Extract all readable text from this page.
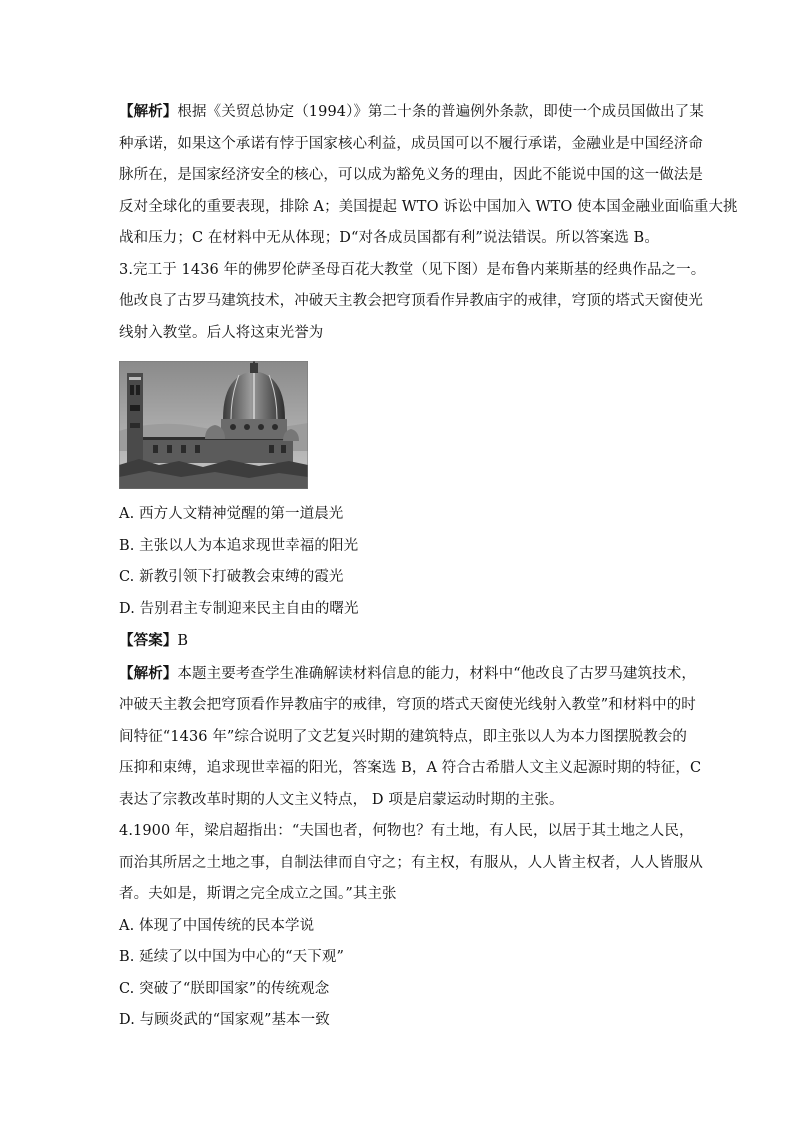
【解析】根据《关贸总协定（1994）》第二十条的普遍例外条款，即使一个成员国做出了某
种承诺，如果这个承诺有悖于国家核心利益，成员国可以不履行承诺，金融业是中国经济命
脉所在，是国家经济安全的核心，可以成为豁免义务的理由，因此不能说中国的这一做法是
反对全球化的重要表现，排除 A；美国提起 WTO 诉讼中国加入 WTO 使本国金融业面临重大挑
战和压力；C 在材料中无从体现；D“对各成员国都有利”说法错误。所以答案选 B。
3.完工于 1436 年的佛罗伦萨圣母百花大教堂（见下图）是布鲁内莱斯基的经典作品之一。
他改良了古罗马建筑技术，冲破天主教会把穹顶看作异教庙宇的戒律，穹顶的塔式天窗使光
线射入教堂。后人将这束光誉为
A. 西方人文精神觉醒的第一道晨光
B. 主张以人为本追求现世幸福的阳光
C. 新教引领下打破教会束缚的霞光
D. 告别君主专制迎来民主自由的曙光
【答案】B
【解析】本题主要考查学生准确解读材料信息的能力，材料中“他改良了古罗马建筑技术，
冲破天主教会把穹顶看作异教庙宇的戒律，穹顶的塔式天窗使光线射入教堂”和材料中的时
间特征“1436 年”综合说明了文艺复兴时期的建筑特点，即主张以人为本力图摆脱教会的
压抑和束缚，追求现世幸福的阳光，答案选 B，A 符合古希腊人文主义起源时期的特征，C
表达了宗教改革时期的人文主义特点， D 项是启蒙运动时期的主张。
4.1900 年，梁启超指出：“夫国也者，何物也？有土地，有人民，以居于其土地之人民，
而治其所居之土地之事，自制法律而自守之；有主权，有服从，人人皆主权者，人人皆服从
者。夫如是，斯谓之完全成立之国。”其主张
A. 体现了中国传统的民本学说
B. 延续了以中国为中心的“天下观”
C. 突破了“朕即国家”的传统观念
D. 与顾炎武的“国家观”基本一致
